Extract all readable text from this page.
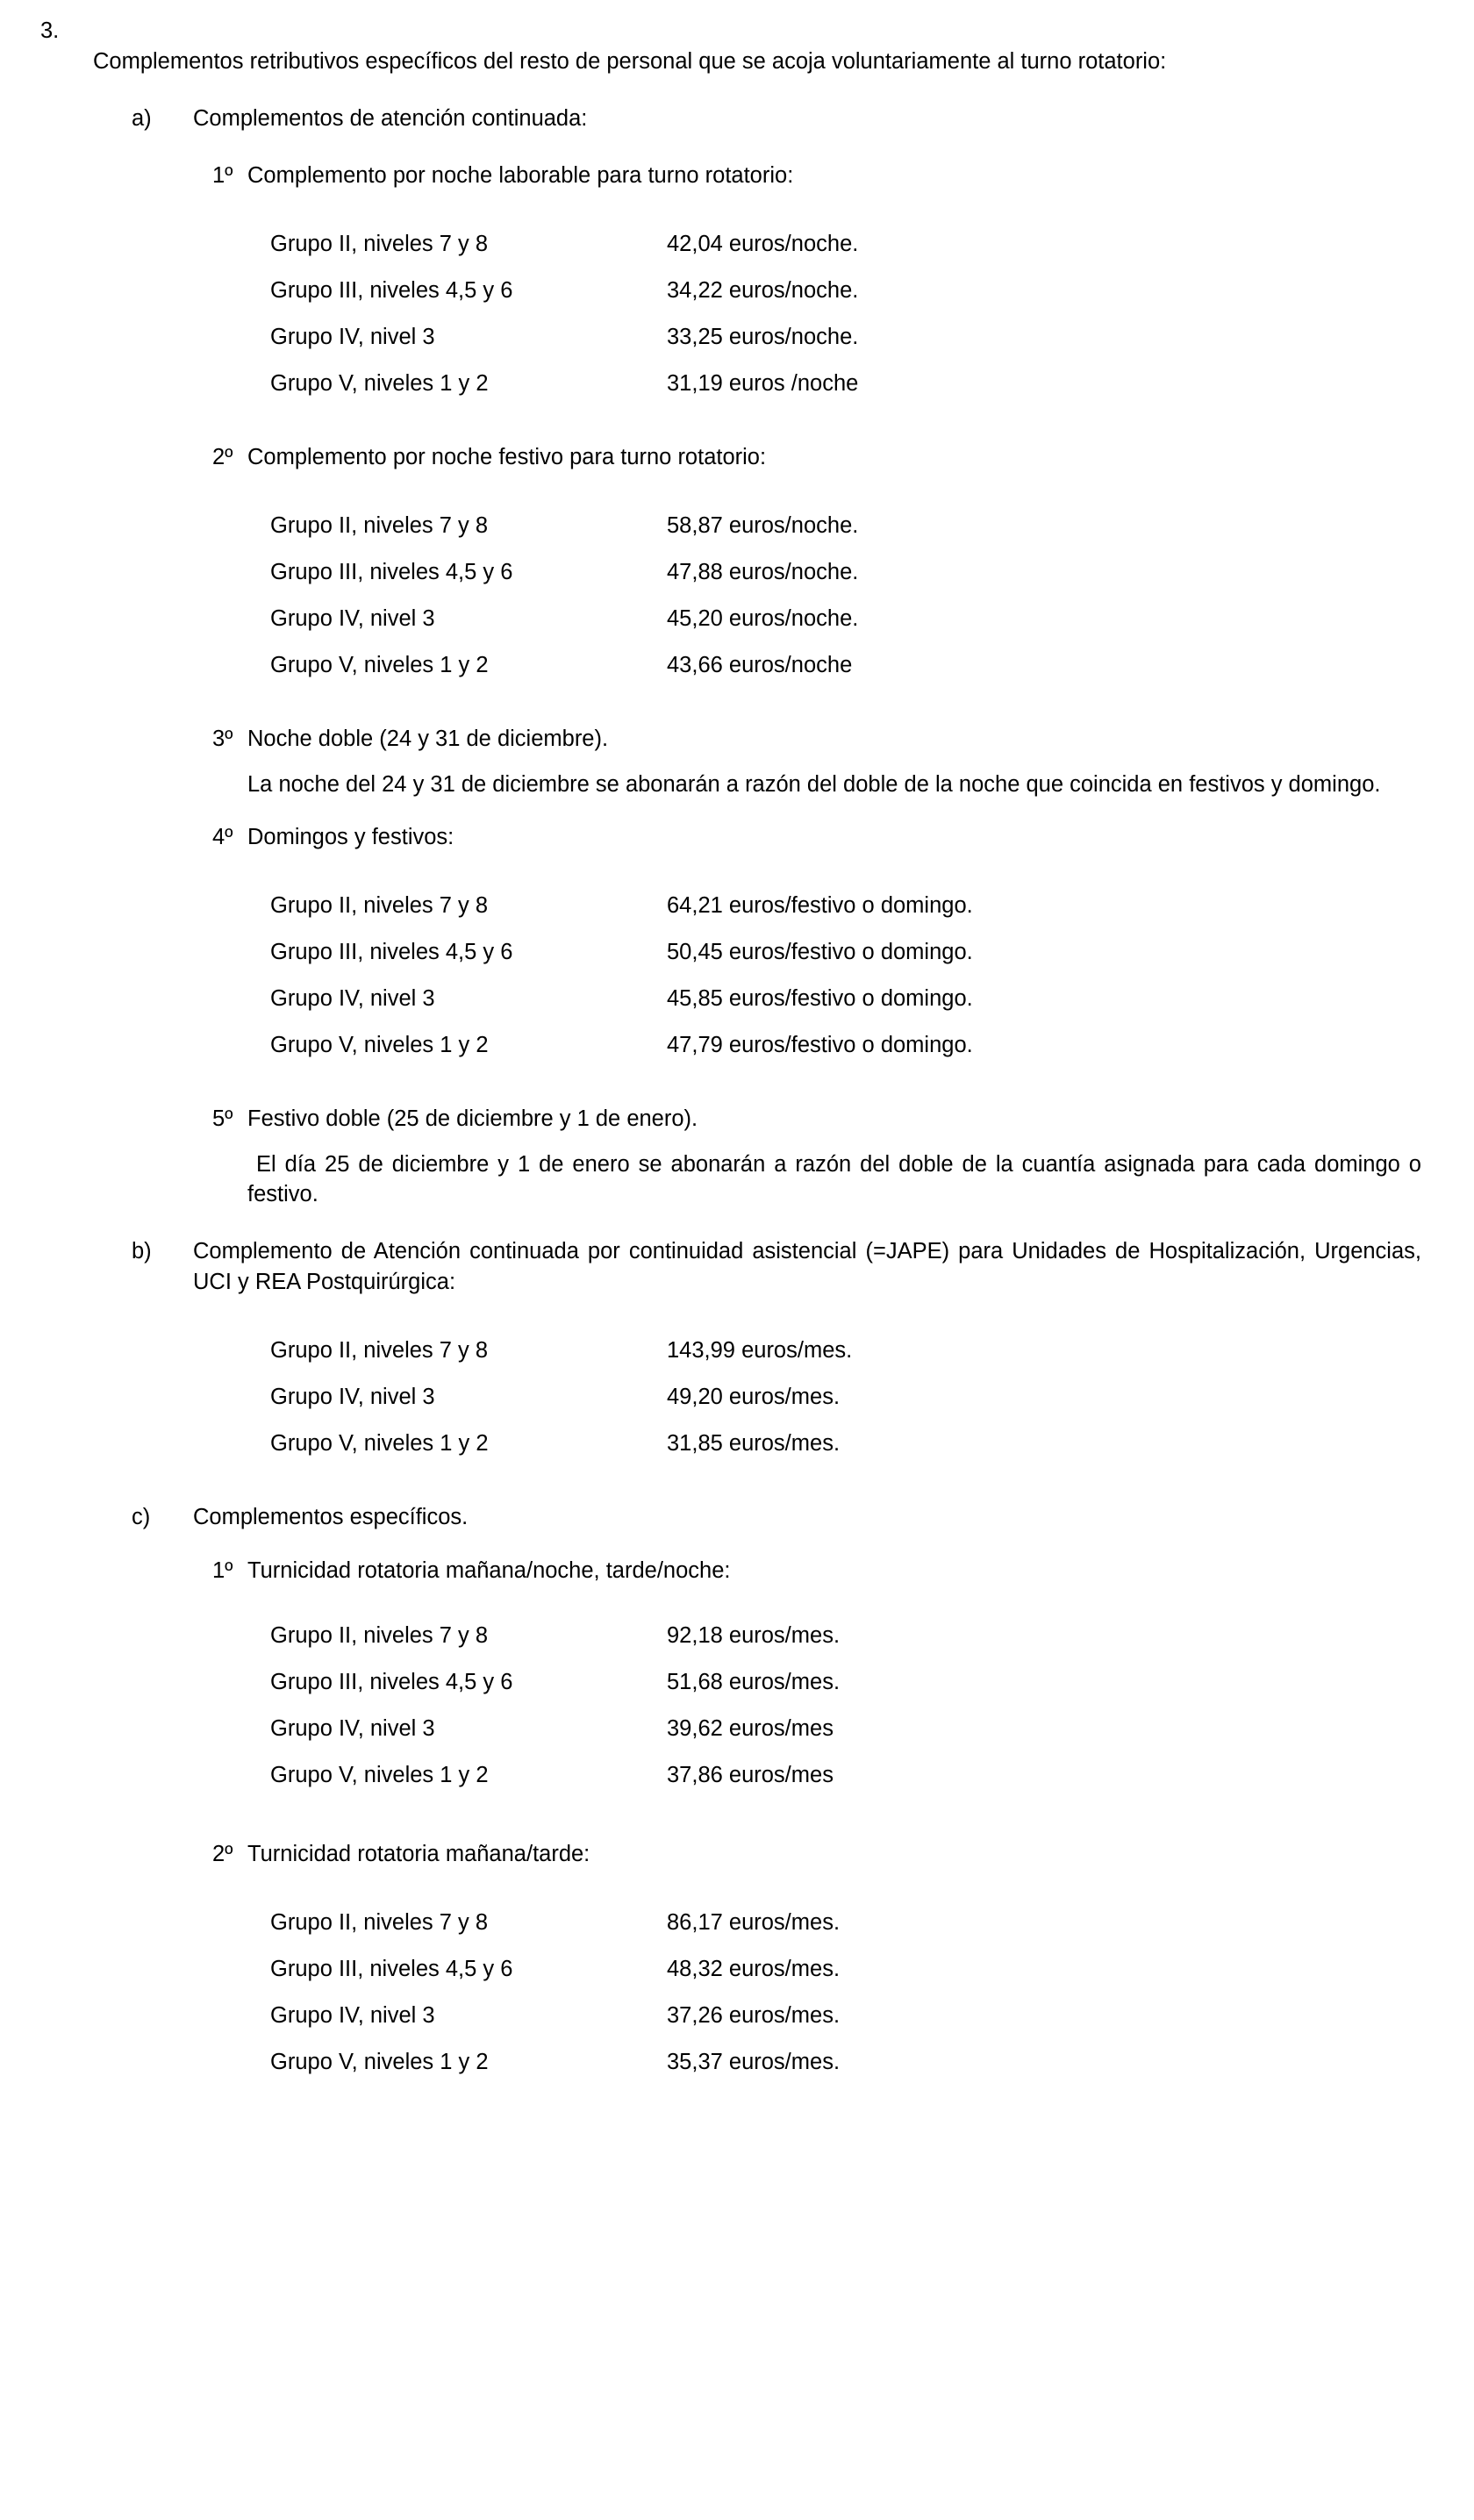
3.
Complementos retributivos específicos del resto de personal que se acoja voluntariamente al turno rotatorio:
a)	Complementos de atención continuada:
1º Complemento por noche laborable para turno rotatorio:
Grupo II, niveles 7 y 8	42,04 euros/noche.
Grupo III, niveles 4,5 y 6	34,22 euros/noche.
Grupo IV, nivel 3	33,25 euros/noche.
Grupo V, niveles 1 y 2	31,19 euros /noche
2º Complemento por noche festivo para turno rotatorio:
Grupo II, niveles 7 y 8	58,87 euros/noche.
Grupo III, niveles 4,5 y 6	47,88 euros/noche.
Grupo IV, nivel 3	45,20 euros/noche.
Grupo V, niveles 1 y 2	43,66 euros/noche
3º Noche doble (24 y 31 de diciembre).
La noche del 24 y 31 de diciembre se abonarán a razón del doble de la noche que coincida en festivos y domingo.
4º Domingos y festivos:
Grupo II, niveles 7 y 8	64,21 euros/festivo o domingo.
Grupo III, niveles 4,5 y 6	50,45 euros/festivo o domingo.
Grupo IV, nivel 3	45,85 euros/festivo o domingo.
Grupo V, niveles 1 y 2	47,79 euros/festivo o domingo.
5º Festivo doble (25 de diciembre y 1 de enero).
El día 25 de diciembre y 1 de enero se abonarán a razón del doble de la cuantía asignada para cada domingo o festivo.
b)	Complemento de Atención continuada por continuidad asistencial (=JAPE) para Unidades de Hospitalización, Urgencias, UCI y REA Postquirúrgica:
Grupo II, niveles 7 y 8	143,99 euros/mes.
Grupo IV, nivel 3	49,20 euros/mes.
Grupo V, niveles 1 y 2	31,85 euros/mes.
c)	Complementos específicos.
1º Turnicidad rotatoria mañana/noche, tarde/noche:
Grupo II, niveles 7 y 8	92,18 euros/mes.
Grupo III, niveles 4,5 y 6	51,68 euros/mes.
Grupo IV, nivel 3	39,62 euros/mes
Grupo V, niveles 1 y 2	37,86 euros/mes
2º Turnicidad rotatoria mañana/tarde:
Grupo II, niveles 7 y 8	86,17 euros/mes.
Grupo III, niveles 4,5 y 6	48,32 euros/mes.
Grupo IV, nivel 3	37,26 euros/mes.
Grupo V, niveles 1 y 2	35,37 euros/mes.
